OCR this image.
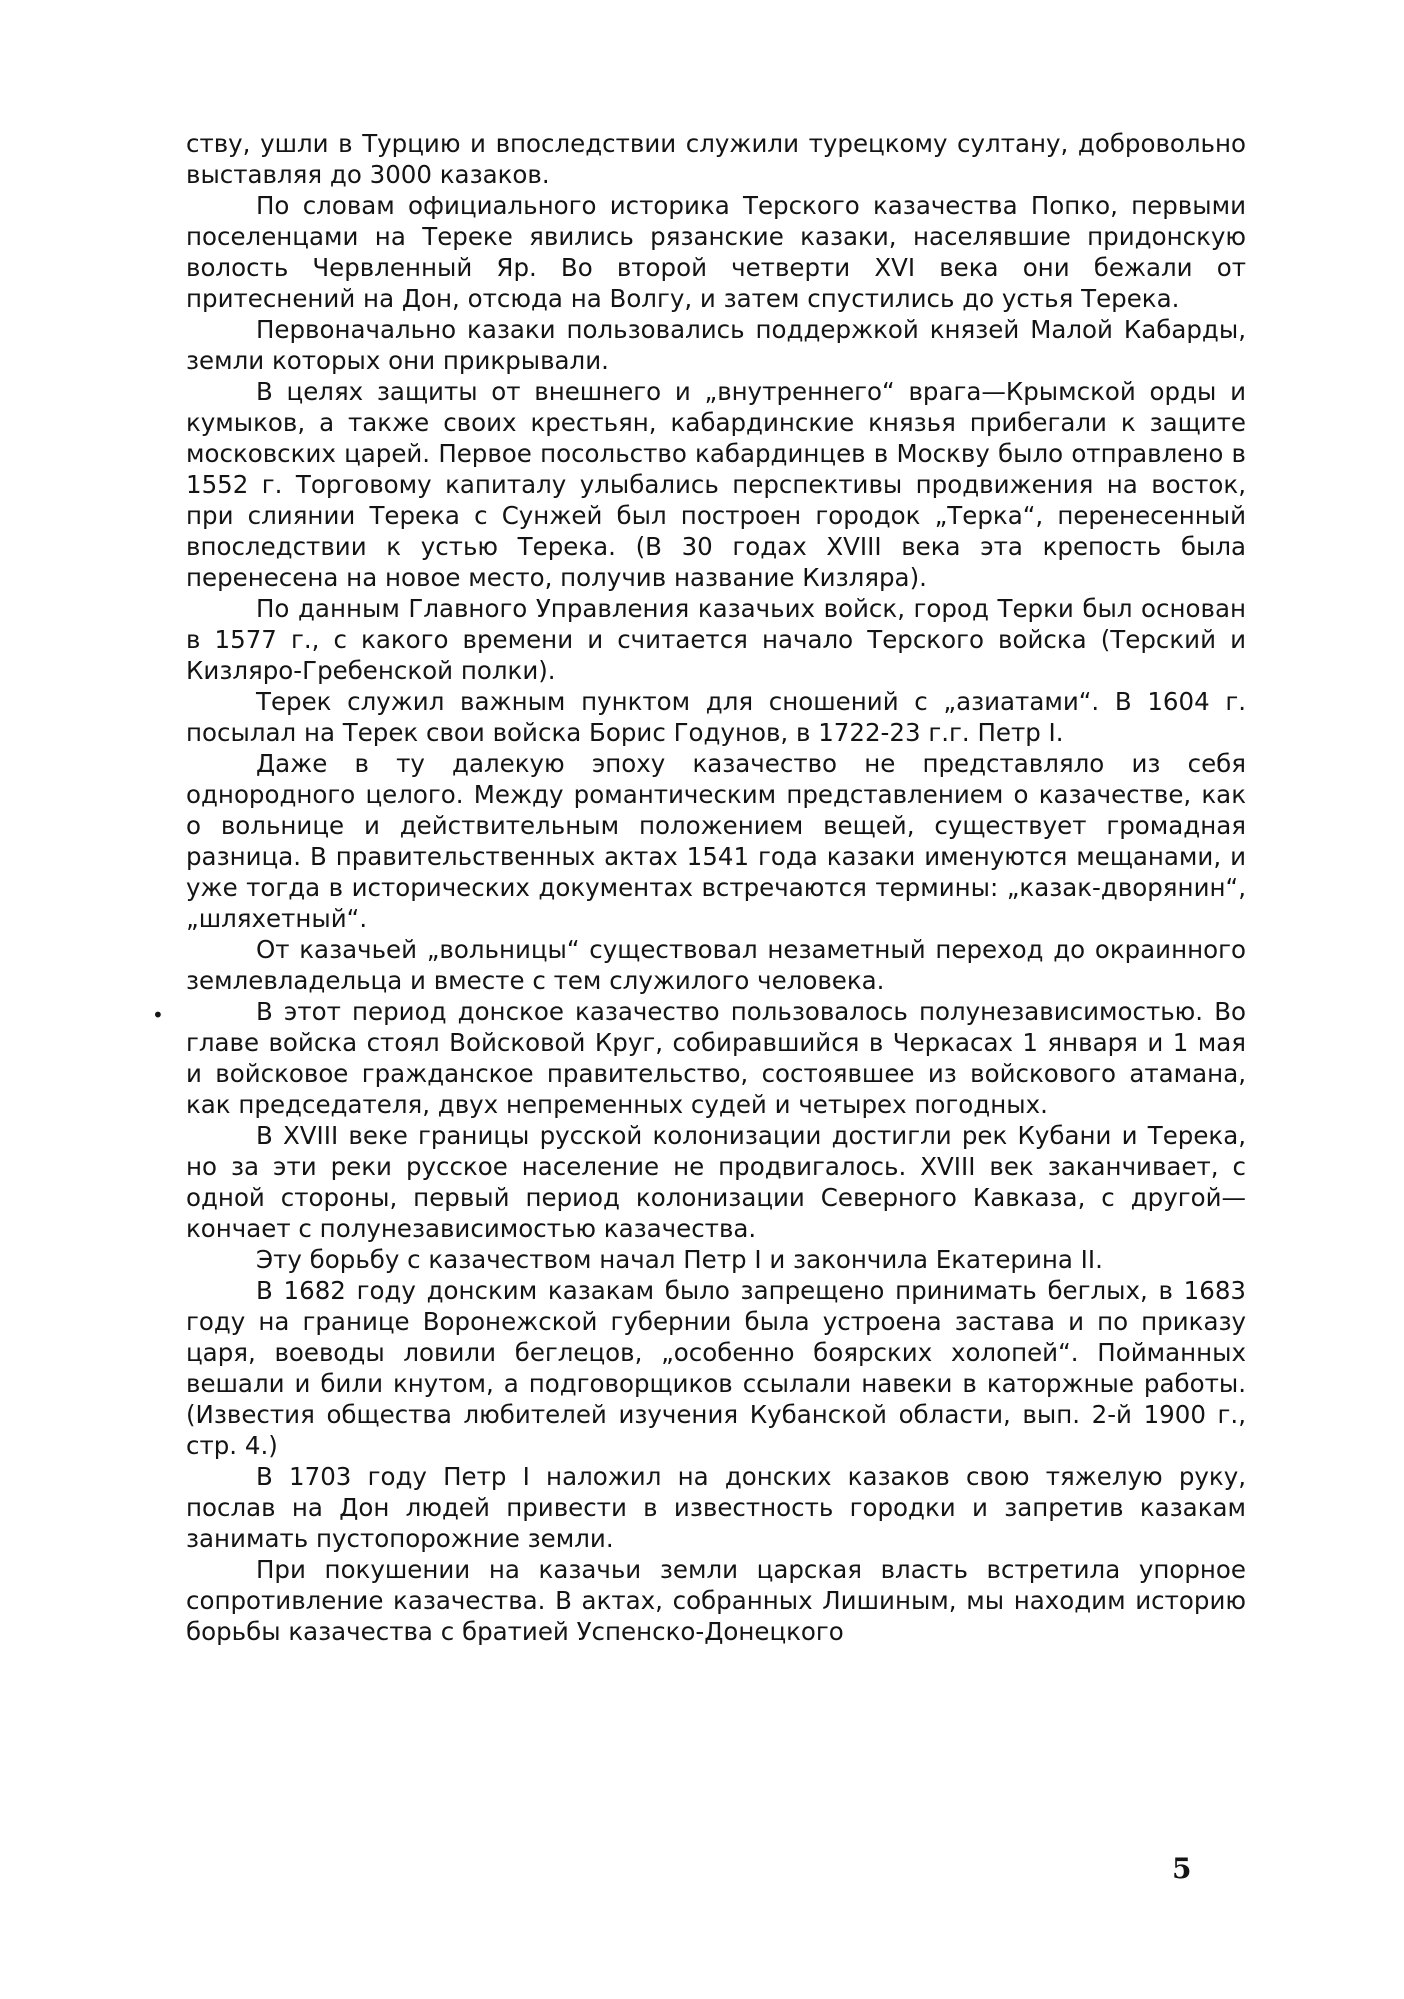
ству, ушли в Турцию и впоследствии служили турецкому султану, добровольно выставляя до 3000 казаков.

По словам официального историка Терского казачества Попко, первыми поселенцами на Тереке явились рязанские казаки, населявшие придонскую волость Червленный Яр. Во второй четверти XVI века они бежали от притеснений на Дон, отсюда на Волгу, и затем спустились до устья Терека.

Первоначально казаки пользовались поддержкой князей Малой Кабарды, земли которых они прикрывали.

В целях защиты от внешнего и „внутреннего“ врага—Крымской орды и кумыков, а также своих крестьян, кабардинские князья прибегали к защите московских царей. Первое посольство кабардинцев в Москву было отправлено в 1552 г. Торговому капиталу улыбались перспективы продвижения на восток, при слиянии Терека с Сунжей был построен городок „Терка“, перенесенный впоследствии к устью Терека. (В 30 годах XVIII века эта крепость была перенесена на новое место, получив название Кизляра).

По данным Главного Управления казачьих войск, город Терки был основан в 1577 г., с какого времени и считается начало Терского войска (Терский и Кизляро-Гребенской полки).

Терек служил важным пунктом для сношений с „азиатами“. В 1604 г. посылал на Терек свои войска Борис Годунов, в 1722-23 г.г. Петр I.

Даже в ту далекую эпоху казачество не представляло из себя однородного целого. Между романтическим представлением о казачестве, как о вольнице и действительным положением вещей, существует громадная разница. В правительственных актах 1541 года казаки именуются мещанами, и уже тогда в исторических документах встречаются термины: „казак-дворянин“, „шляхетный“.

От казачьей „вольницы“ существовал незаметный переход до окраинного землевладельца и вместе с тем служилого человека.

В этот период донское казачество пользовалось полунезависимостью. Во главе войска стоял Войсковой Круг, собиравшийся в Черкасах 1 января и 1 мая и войсковое гражданское правительство, состоявшее из войскового атамана, как председателя, двух непременных судей и четырех погодных.

В XVIII веке границы русской колонизации достигли рек Кубани и Терека, но за эти реки русское население не продвигалось. XVIII век заканчивает, с одной стороны, первый период колонизации Северного Кавказа, с другой—кончает с полунезависимостью казачества.

Эту борьбу с казачеством начал Петр I и закончила Екатерина II.

В 1682 году донским казакам было запрещено принимать беглых, в 1683 году на границе Воронежской губернии была устроена застава и по приказу царя, воеводы ловили беглецов, „особенно боярских холопей“. Пойманных вешали и били кнутом, а подговорщиков ссылали навеки в каторжные работы. (Известия общества любителей изучения Кубанской области, вып. 2-й 1900 г., стр. 4.)

В 1703 году Петр I наложил на донских казаков свою тяжелую руку, послав на Дон людей привести в известность городки и запретив казакам занимать пустопорожние земли.

При покушении на казачьи земли царская власть встретила упорное сопротивление казачества. В актах, собранных Лишиным, мы находим историю борьбы казачества с братией Успенско-Донецкого

•
5
